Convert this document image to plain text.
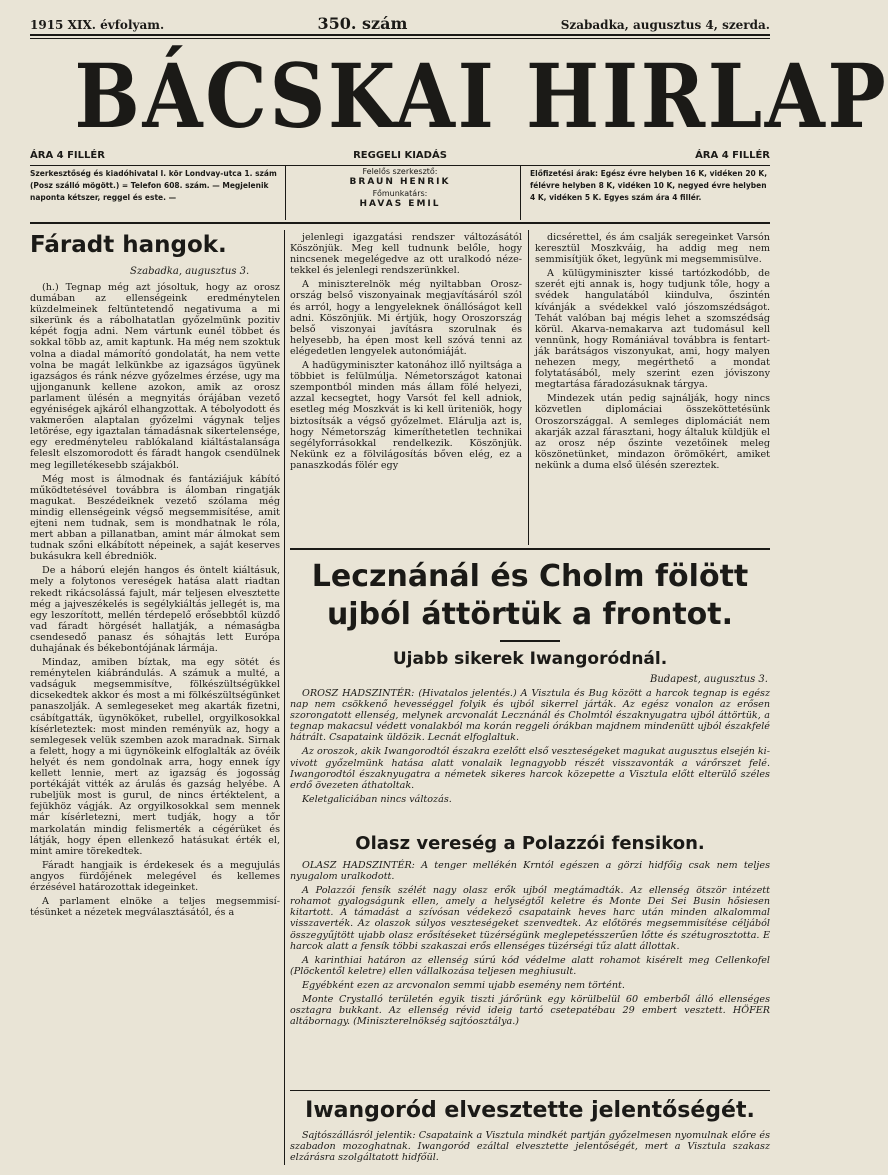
1915 XIX. évfolyam.	350. szám	Szabadka, augusztus 4, szerda.
BÁCSKAI HIRLAP
ÁRA 4 FILLÉR	REGGELI KIADÁS	ÁRA 4 FILLÉR
Szerkesztőség és kiadóhivatal I. kör Londvay-utca 1. szám (Posz szálló mögött.) = Telefon 608. szám. — Megjelenik naponta kétszer, reggel és este. —
Felelős szerkesztő:
BRAUN HENRIK
Főmunkatárs:
HAVAS EMIL
Előfizetési árak: Egész évre helyben 16 K, vidéken 20 K, félévre helyben 8 K, vidéken 10 K, negyed évre helyben 4 K, vidéken 5 K. Egyes szám ára 4 fillér.
Fáradt hangok.
Szabadka, augusztus 3.

(h.) Tegnap még azt jósoltuk, hogy az orosz dumában az ellenségeink eredménytelen küzdelmeinek feltüntetendő negativuma a mi sikerünk és a rábolhatatlan győzelmünk pozitiv képét fogja adni. Nem vártunk eunél többet és sokkal több az, amit kaptunk. Ha még nem szoktuk volna a diadal mámorító gondolatát, ha nem vette volna be magát lelkünkbe az igazságos ügyünek igazságos és ránk nézve győzelmes érzése, ugy ma ujjonganunk kellene azokon, amik az orosz parlament ülésén a megnyitás órájában vezető egyéniségek ajkáról elhangzottak. A tébolyodott és vakmerően alaptalan győzelmi vágynak teljes letörése, egy igaztalan támadásnak sikertelensége, egy eredményteleu rablókaland kiáltástalansága feleslt elszomorodott és fáradt hangok csendülnek meg legilletékesebb szájakból.

Még most is álmodnak és fantáziájuk kábító működtetésével továbbra is álomban ringatják magukat. Beszédeiknek vezető szólama még mindig ellenségeink végső megsemmisítése, amit ejteni nem tudnak, sem is mondhatnak le róla, mert abban a pillanatban, amint már álmokat sem tudnak szőni elkábított népeinek, a saját keserves bukásukra kell ébredniök.

De a háború elején hangos és öntelt kiáltásuk, mely a folytonos vereségek hatása alatt riadtan rekedt rikácsolássá fajult, már teljesen elvesztette még a jajveszékelés is segélykiáltás jellegét is, ma egy leszorított, mellén térdepelő erősebbtől küzdő vad fáradt hörgését hallatják, a némaságba csendesedő panasz és sóhajtás lett Európa duhajának és békebontójának lármája.

Mindaz, amiben bíztak, ma egy sötét és reménytelen kiábrándulás. A számuk a multé, a vadságuk megsemmisítve, fölkészültségükkel dicsekedtek akkor és most a mi fölkészültségünket panaszolják. A semlegeseket meg akarták fizetni, csábítgatták, ügynököket, rubellel, orgyilkosokkal kísérleteztek: most minden reményük az, hogy a semlegesek velük szemben azok maradnak. Sirnak a felett, hogy a mi ügynökeink elfoglalták az övéik helyét és nem gondolnak arra, hogy ennek így kellett lennie, mert az igazság és jogosság portékáját vitték az árulás és gazság helyébe. A rubeljük most is gurul, de nincs értéktelent, a fejükhöz vágják. Az orgyilkosokkal sem mennek már kísérletezni, mert tudják, hogy a tőr markolatán mindig felismerték a cégérüket és látják, hogy épen ellenkező hatásukat érték el, mint amire törekedtek.

Fáradt hangjaik is érdekesek és a megujulás angyos fürdőjének melegével és kellemes érzésével határozottak idegeinket.

A parlament elnöke a teljes megsemmisítésünket a nézetek megválasztásától, és a

jelenlegi igazgatási rendszer változásától Köszönjük. Meg kell tudnunk belőle, hogy nincsenek megelégedve az ott uralkodó nézetekkel és jelenlegi rendszerünkkel.

A miniszterelnök még nyiltabban Oroszország belső viszonyainak megjavításáról szól és arról, hogy a lengyeleknek önállóságot kell adni. Köszönjük. Mi értjük, hogy Oroszország belső viszonyai javításra szorulnak és helyesebb, ha épen most kell szóvá tenni az elégedetlen lengyelek autonómiáját.

A hadügyminiszter katonához illő nyiltsága a többiet is felülmúlja. Németországot katonai szempontból minden más állam fölé helyezi, azzal kecsegtet, hogy Varsót fel kell adniok, esetleg még Moszkvát is ki kell üriteniök, hogy biztosítsák a végső győzelmet. Elárulja azt is, hogy Németország kimeríthetetlen technikai segélyforrásokkal rendelkezik. Köszönjük. Nekünk ez a fölvilágosítás bőven elég, ez a panaszkodás fölér egy

dicsérettel, és ám csalják seregeinket Varsón keresztül Moszkváig, ha addig meg nem semmisítjük őket, legyünk mi megsemmisülve.

A külügyminiszter kissé tartózkodóbb, de szerét ejti annak is, hogy tudjunk tőle, hogy a svédek hangulatából kiindulva, őszintén kívánják a svédekkel való jószomszédságot. Tehát valóban baj mégis lehet a szomszédság körül. Akarva-nemakarva azt tudomásul kell vennünk, hogy Romániával továbbra is fentartják barátságos viszonyukat, ami, hogy malyen nehezen megy, megérthető a mondat folytatásából, mely szerint ezen jóviszony megtartása fáradozásuknak tárgya.

Mindezek után pedig sajnálják, hogy nincs közvetlen diplomáciai összeköttetésünk Oroszországgal. A semleges diplomáciát nem akarják azzal fárasztani, hogy általuk küldjük el az orosz nép őszinte vezetőinek meleg köszönetünket, mindazon örömökért, amiket nekünk a duma első ülésén szereztek.

Lecznánál és Cholm fölött
ujból áttörtük a frontot.
Ujabb sikerek Iwangoródnál.
Budapest, augusztus 3.

OROSZ HADSZINTÉR: (Hivatalos jelentés.) A Visztula és Bug között a harcok tegnap is egész nap nem csökkenő hevességgel folyik és ujból sikerrel járták. Az egész vonalon az erősen szorongatott ellenség, melynek arcvonalát Lecznánál és Cholmtól északnyugatra ujból áttörtük, a tegnap makacsul védett vonalakból ma korán reggeli órákban majdnem mindenütt ujból északfelé hátrált. Csapataink üldözik. Lecnát elfoglaltuk.

Az oroszok, akik Iwangorodtól északra ezelőtt első veszteségeket magukat augusztus elsején kivivott győzelmünk hatása alatt vonalaik legnagyobb részét visszavonták a várőrszet felé. Iwangorodtól északnyugatra a németek sikeres harcok közepette a Visztula előtt elterülő széles erdő övezeten áthatoltak.

Keletgaliciában nincs változás.

Olasz vereség a Polazzói fensikon.

OLASZ HADSZINTÉR: A tenger mellékén Krntól egészen a görzi hidfőig csak nem teljes nyugalom uralkodott.

A Polazzói fensík szélét nagy olasz erők ujból megtámadták. Az ellenség ötször intézett rohamot gyalogságunk ellen, amely a helységtől keletre és Monte Dei Sei Busin hősiesen kitartott. A támadást a szívósan védekező csapataink heves harc után minden alkalommal visszaverték. Az olaszok súlyos veszteségeket szenvedtek. Az előtörés megsemmisítése céljából összegyűjtött ujabb olasz erősítéseket tüzérségünk meglepetésszerűen lőtte és szétugrosztotta. E harcok alatt a fensík többi szakaszai erős ellenséges tüzérségi tűz alatt állottak.

A karinthiai határon az ellenség súrú kód védelme alatt rohamot kisérelt meg Cellenkofel (Plöckentől keletre) ellen vállalkozása teljesen meghiusult.

Egyébként ezen az arcvonalon semmi ujabb esemény nem történt.

Monte Crystalló területén egyik tiszti járőrünk egy körülbelül 60 emberből álló ellenséges osztagra bukkant. Az ellenség révid ideig tartó csetepatébau 29 embert vesztett. HÖFER altábornagy. (Miniszterelnökség sajtóosztálya.)

Iwangoród elvesztette jelentőségét.

Sajtószállásról jelentik: Csapataink a Visztula mindkét partján győzelmesen nyomulnak előre és szabadon mozoghatnak. Iwangoród ezáltal elvesztette jelentőségét, mert a Visztula szakasz elzárásra szolgáltatott hidfőül.
